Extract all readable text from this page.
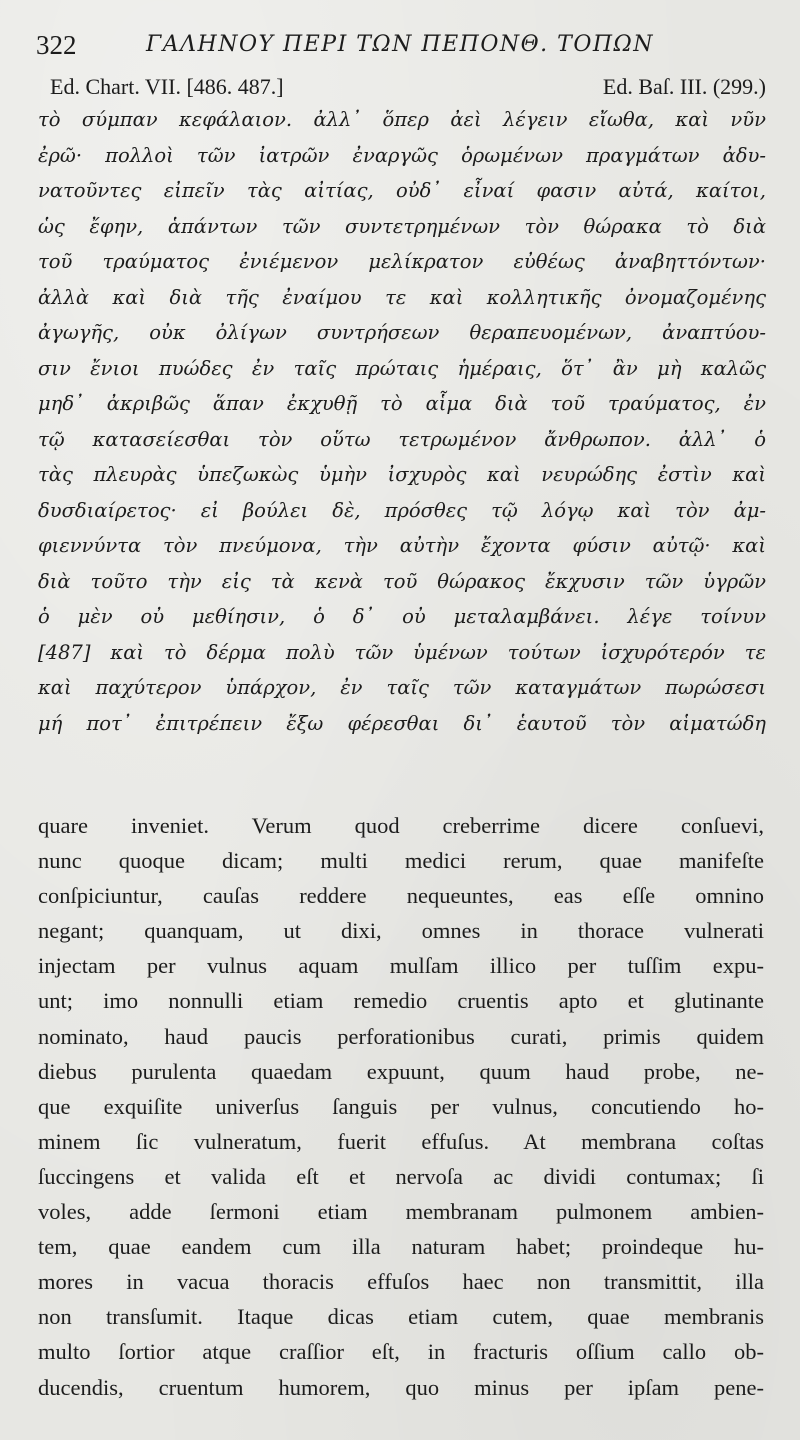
322	ΓΑΛΗΝΟΥ ΠΕΡΙ ΤΩΝ ΠΕΠΟΝΘ. ΤΟΠΩΝ
Ed. Chart. VII. [486. 487.]	Ed. Baſ. III. (299.)
τὸ σύμπαν κεφάλαιον. ἀλλ᾽ ὅπερ ἀεὶ λέγειν εἴωθα, καὶ νῦν
ἐρῶ· πολλοὶ τῶν ἰατρῶν ἐναργῶς ὁρωμένων πραγμάτων ἀδυ-
νατοῦντες εἰπεῖν τὰς αἰτίας, οὐδ᾽ εἶναί φασιν αὐτά, καίτοι,
ὡς ἔφην, ἁπάντων τῶν συντετρημένων τὸν θώρακα τὸ διὰ
τοῦ τραύματος ἐνιέμενον μελίκρατον εὐθέως ἀναβηττόντων·
ἀλλὰ καὶ διὰ τῆς ἐναίμου τε καὶ κολλητικῆς ὀνομαζομένης
ἀγωγῆς, οὐκ ὀλίγων συντρήσεων θεραπευομένων, ἀναπτύου-
σιν ἔνιοι πυώδες ἐν ταῖς πρώταις ἡμέραις, ὅτ᾽ ἂν μὴ καλῶς
μηδ᾽ ἀκριβῶς ἅπαν ἐκχυθῇ τὸ αἷμα διὰ τοῦ τραύματος, ἐν
τῷ κατασείεσθαι τὸν οὕτω τετρωμένον ἄνθρωπον. ἀλλ᾽ ὁ
τὰς πλευρὰς ὑπεζωκὼς ὑμὴν ἰσχυρὸς καὶ νευρώδης ἐστὶν καὶ
δυσδιαίρετος· εἰ βούλει δὲ, πρόσθες τῷ λόγῳ καὶ τὸν ἀμ-
φιεννύντα τὸν πνεύμονα, τὴν αὐτὴν ἔχοντα φύσιν αὐτῷ· καὶ
διὰ τοῦτο τὴν εἰς τὰ κενὰ τοῦ θώρακος ἔκχυσιν τῶν ὑγρῶν
ὁ μὲν οὐ μεθίησιν, ὁ δ᾽ οὐ μεταλαμβάνει. λέγε τοίνυν
[487] καὶ τὸ δέρμα πολὺ τῶν ὑμένων τούτων ἰσχυρότερόν τε
καὶ παχύτερον ὑπάρχον, ἐν ταῖς τῶν καταγμάτων πωρώσεσι
μή ποτ᾽ ἐπιτρέπειν ἔξω φέρεσθαι δι᾽ ἑαυτοῦ τὸν αἱματώδη
quare inveniet. Verum quod creberrime dicere conſuevi,
nunc quoque dicam; multi medici rerum, quae manifeſte
conſpiciuntur, cauſas reddere nequeuntes, eas eſſe omnino
negant; quanquam, ut dixi, omnes in thorace vulnerati
injectam per vulnus aquam mulſam illico per tuſſim expu-
unt; imo nonnulli etiam remedio cruentis apto et glutinante
nominato, haud paucis perforationibus curati, primis quidem
diebus purulenta quaedam expuunt, quum haud probe, ne-
que exquiſite univerſus ſanguis per vulnus, concutiendo ho-
minem ſic vulneratum, fuerit effuſus. At membrana coſtas
ſuccingens et valida eſt et nervoſa ac dividi contumax; ſi
voles, adde ſermoni etiam membranam pulmonem ambien-
tem, quae eandem cum illa naturam habet; proindeque hu-
mores in vacua thoracis effuſos haec non transmittit, illa
non transſumit. Itaque dicas etiam cutem, quae membranis
multo ſortior atque craſſior eſt, in fracturis oſſium callo ob-
ducendis, cruentum humorem, quo minus per ipſam pene-
